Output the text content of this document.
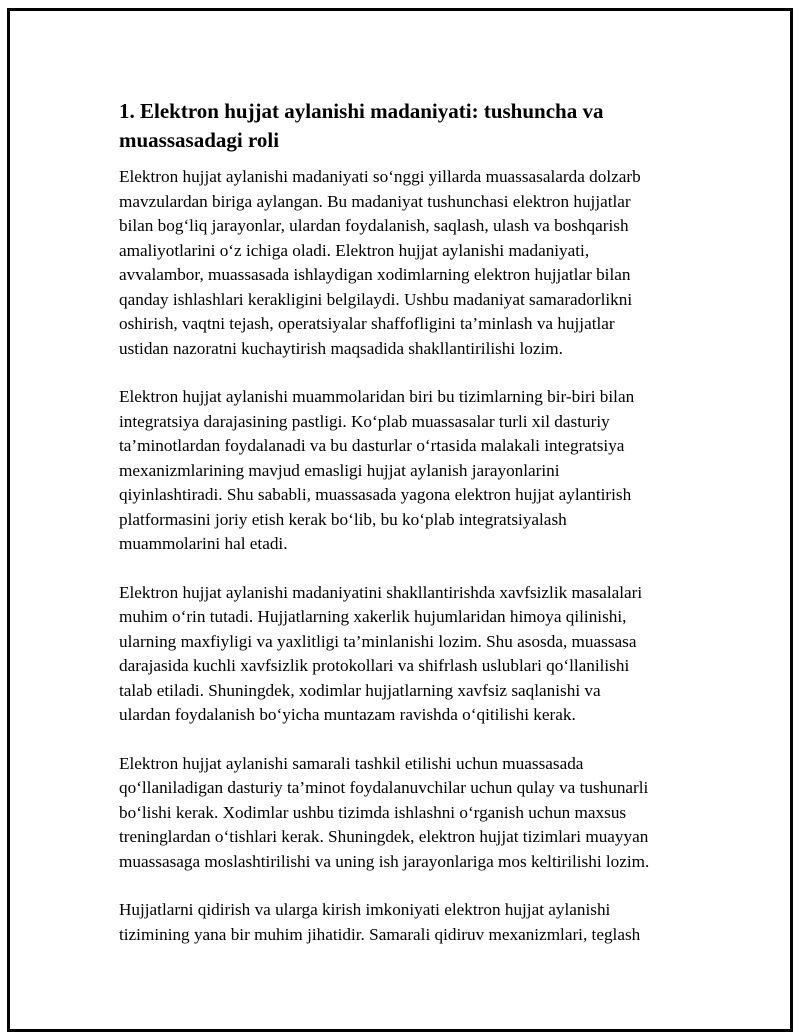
1. Elektron hujjat aylanishi madaniyati: tushuncha va
muassasadagi roli

Elektron hujjat aylanishi madaniyati so‘nggi yillarda muassasalarda dolzarb
mavzulardan biriga aylangan. Bu madaniyat tushunchasi elektron hujjatlar
bilan bog‘liq jarayonlar, ulardan foydalanish, saqlash, ulash va boshqarish
amaliyotlarini o‘z ichiga oladi. Elektron hujjat aylanishi madaniyati,
avvalambor, muassasada ishlaydigan xodimlarning elektron hujjatlar bilan
qanday ishlashlari kerakligini belgilaydi. Ushbu madaniyat samaradorlikni
oshirish, vaqtni tejash, operatsiyalar shaffofligini ta’minlash va hujjatlar
ustidan nazoratni kuchaytirish maqsadida shakllantirilishi lozim.

Elektron hujjat aylanishi muammolaridan biri bu tizimlarning bir-biri bilan
integratsiya darajasining pastligi. Ko‘plab muassasalar turli xil dasturiy
ta’minotlardan foydalanadi va bu dasturlar o‘rtasida malakali integratsiya
mexanizmlarining mavjud emasligi hujjat aylanish jarayonlarini
qiyinlashtiradi. Shu sababli, muassasada yagona elektron hujjat aylantirish
platformasini joriy etish kerak bo‘lib, bu ko‘plab integratsiyalash
muammolarini hal etadi.

Elektron hujjat aylanishi madaniyatini shakllantirishda xavfsizlik masalalari
muhim o‘rin tutadi. Hujjatlarning xakerlik hujumlaridan himoya qilinishi,
ularning maxfiyligi va yaxlitligi ta’minlanishi lozim. Shu asosda, muassasa
darajasida kuchli xavfsizlik protokollari va shifrlash uslublari qo‘llanilishi
talab etiladi. Shuningdek, xodimlar hujjatlarning xavfsiz saqlanishi va
ulardan foydalanish bo‘yicha muntazam ravishda o‘qitilishi kerak.

Elektron hujjat aylanishi samarali tashkil etilishi uchun muassasada
qo‘llaniladigan dasturiy ta’minot foydalanuvchilar uchun qulay va tushunarli
bo‘lishi kerak. Xodimlar ushbu tizimda ishlashni o‘rganish uchun maxsus
treninglardan o‘tishlari kerak. Shuningdek, elektron hujjat tizimlari muayyan
muassasaga moslashtirilishi va uning ish jarayonlariga mos keltirilishi lozim.

Hujjatlarni qidirish va ularga kirish imkoniyati elektron hujjat aylanishi
tizimining yana bir muhim jihatidir. Samarali qidiruv mexanizmlari, teglash
